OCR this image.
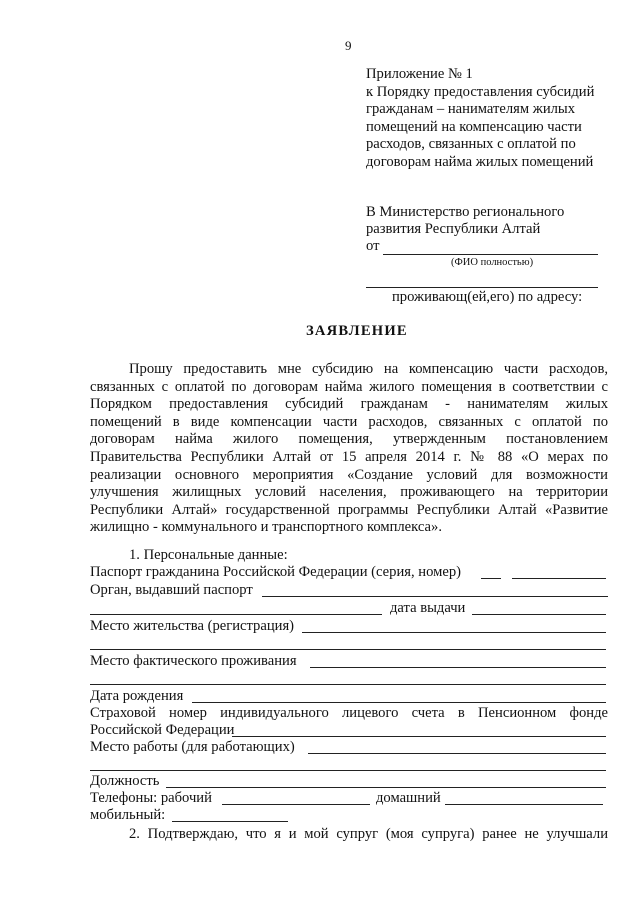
9
Приложение № 1
к Порядку предоставления субсидий
гражданам – нанимателям жилых
помещений на компенсацию части
расходов, связанных с оплатой по
договорам найма жилых помещений
В Министерство регионального
развития Республики Алтай
от
(ФИО полностью)
проживающ(ей,его) по адресу:
ЗАЯВЛЕНИЕ
Прошу предоставить мне субсидию на компенсацию части расходов,
связанных с оплатой по договорам найма жилого помещения в соответствии с
Порядком предоставления субсидий гражданам - нанимателям жилых
помещений в виде компенсации части расходов, связанных с оплатой по
договорам найма жилого помещения, утвержденным постановлением
Правительства Республики Алтай от 15 апреля 2014 г. № 88 «О мерах по
реализации основного мероприятия «Создание условий для возможности
улучшения жилищных условий населения, проживающего на территории
Республики Алтай» государственной программы Республики Алтай «Развитие
жилищно - коммунального и транспортного комплекса».
1. Персональные данные:
Паспорт гражданина Российской Федерации (серия, номер)
Орган, выдавший паспорт
дата выдачи
Место жительства (регистрация)
Место фактического проживания
Дата рождения
Страховой номер индивидуального лицевого счета в Пенсионном фонде
Российской Федерации
Место работы (для работающих)
Должность
Телефоны: рабочий	домашний
мобильный:
2. Подтверждаю, что я и мой супруг (моя супруга) ранее не улучшали
